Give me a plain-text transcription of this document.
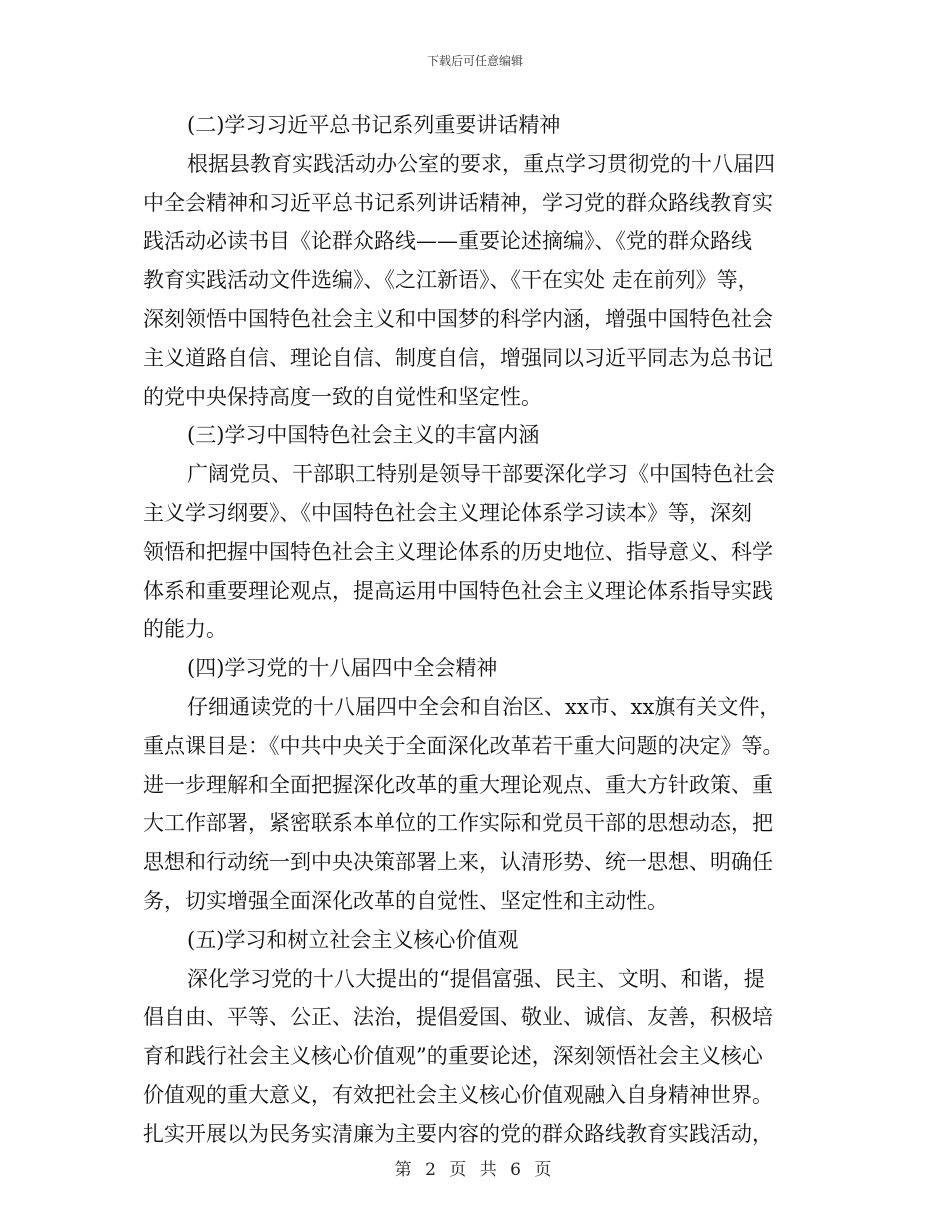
下载后可任意编辑
(二)学习习近平总书记系列重要讲话精神
根据县教育实践活动办公室的要求，重点学习贯彻党的十八届四
中全会精神和习近平总书记系列讲话精神，学习党的群众路线教育实
践活动必读书目《论群众路线——重要论述摘编》、《党的群众路线
教育实践活动文件选编》、《之江新语》、《干在实处 走在前列》等，
深刻领悟中国特色社会主义和中国梦的科学内涵，增强中国特色社会
主义道路自信、理论自信、制度自信，增强同以习近平同志为总书记
的党中央保持高度一致的自觉性和坚定性。
(三)学习中国特色社会主义的丰富内涵
广阔党员、干部职工特别是领导干部要深化学习《中国特色社会
主义学习纲要》、《中国特色社会主义理论体系学习读本》等，深刻
领悟和把握中国特色社会主义理论体系的历史地位、指导意义、科学
体系和重要理论观点，提高运用中国特色社会主义理论体系指导实践
的能力。
(四)学习党的十八届四中全会精神
仔细通读党的十八届四中全会和自治区、xx市、xx旗有关文件，
重点课目是：《中共中央关于全面深化改革若干重大问题的决定》等。
进一步理解和全面把握深化改革的重大理论观点、重大方针政策、重
大工作部署，紧密联系本单位的工作实际和党员干部的思想动态，把
思想和行动统一到中央决策部署上来，认清形势、统一思想、明确任
务，切实增强全面深化改革的自觉性、坚定性和主动性。
(五)学习和树立社会主义核心价值观
深化学习党的十八大提出的“提倡富强、民主、文明、和谐，提
倡自由、平等、公正、法治，提倡爱国、敬业、诚信、友善，积极培
育和践行社会主义核心价值观”的重要论述，深刻领悟社会主义核心
价值观的重大意义，有效把社会主义核心价值观融入自身精神世界。
扎实开展以为民务实清廉为主要内容的党的群众路线教育实践活动，
第 2 页 共 6 页
